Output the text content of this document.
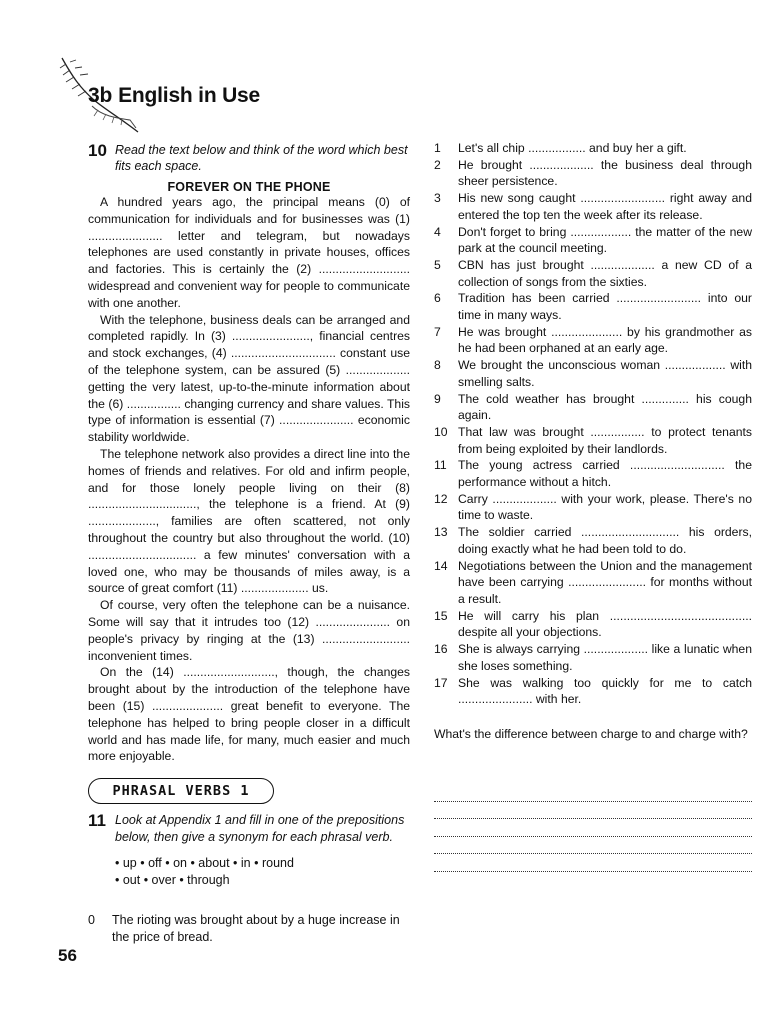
3b English in Use
10 Read the text below and think of the word which best fits each space.
FOREVER ON THE PHONE

A hundred years ago, the principal means (0) of communication for individuals and for businesses was (1) ...................... letter and telegram, but nowadays telephones are used constantly in private houses, offices and factories. This is certainly the (2) ........................... widespread and convenient way for people to communicate with one another.

With the telephone, business deals can be arranged and completed rapidly. In (3) ......................., financial centres and stock exchanges, (4) ............................... constant use of the telephone system, can be assured (5) ................... getting the very latest, up-to-the-minute information about the (6) ................ changing currency and share values. This type of information is essential (7) ...................... economic stability worldwide.

The telephone network also provides a direct line into the homes of friends and relatives. For old and infirm people, and for those lonely people living on their (8) ................................, the telephone is a friend. At (9) ...................., families are often scattered, not only throughout the country but also throughout the world. (10) ................................ a few minutes' conversation with a loved one, who may be thousands of miles away, is a source of great comfort (11) .................... us.

Of course, very often the telephone can be a nuisance. Some will say that it intrudes too (12) ...................... on people's privacy by ringing at the (13) .......................... inconvenient times.

On the (14) ..........................., though, the changes brought about by the introduction of the telephone have been (15) ..................... great benefit to everyone. The telephone has helped to bring people closer in a difficult world and has made life, for many, much easier and much more enjoyable.

PHRASAL VERBS 1
11 Look at Appendix 1 and fill in one of the prepositions below, then give a synonym for each phrasal verb.
• up • off • on • about • in • round
• out • over • through
0	The rioting was brought about by a huge increase in the price of bread.
56
1	Let's all chip ................. and buy her a gift.
2	He brought ................... the business deal through sheer persistence.
3	His new song caught ......................... right away and entered the top ten the week after its release.
4	Don't forget to bring .................. the matter of the new park at the council meeting.
5	CBN has just brought ................... a new CD of a collection of songs from the sixties.
6	Tradition has been carried ......................... into our time in many ways.
7	He was brought ..................... by his grandmother as he had been orphaned at an early age.
8	We brought the unconscious woman .................. with smelling salts.
9	The cold weather has brought .............. his cough again.
10 That law was brought ................ to protect tenants from being exploited by their landlords.
11 The young actress carried ............................ the performance without a hitch.
12 Carry ................... with your work, please. There's no time to waste.
13 The soldier carried ............................. his orders, doing exactly what he had been told to do.
14 Negotiations between the Union and the management have been carrying ....................... for months without a result.
15 He will carry his plan .......................................... despite all your objections.
16 She is always carrying ................... like a lunatic when she loses something.
17 She was walking too quickly for me to catch ...................... with her.
What's the difference between charge to and charge with?
